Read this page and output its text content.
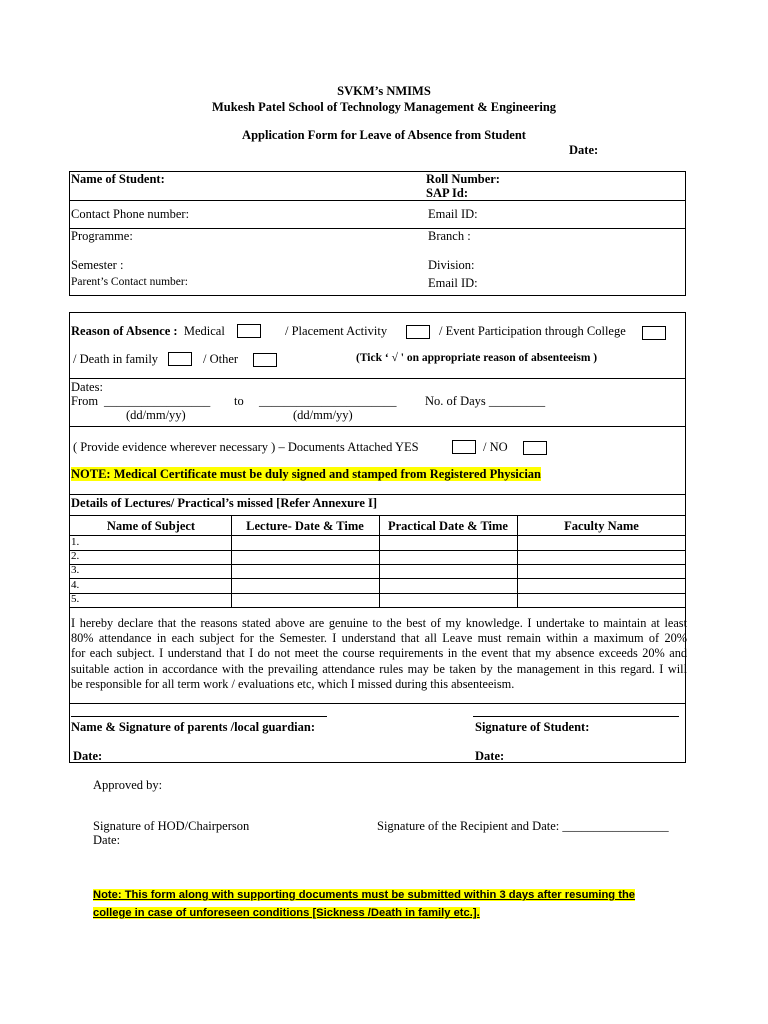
SVKM’s NMIMS
Mukesh Patel School of Technology Management & Engineering
Application Form for Leave of Absence from Student
Date:
Name of Student:	Roll Number:
SAP Id:
Contact Phone number:	Email ID:
Programme:	Branch :
Semester :	Division:
Parent’s Contact number:	Email ID:
Reason of Absence : Medical	/ Placement Activity	/ Event Participation through College
/ Death in family	/ Other	(Tick ‘ √ ' on appropriate reason of absenteeism )
Dates:
From _________________ to ______________________ No. of Days _________
(dd/mm/yy)	(dd/mm/yy)
( Provide evidence wherever necessary ) – Documents Attached YES	/ NO
NOTE: Medical Certificate must be duly signed and stamped from Registered Physician
Details of Lectures/ Practical’s missed [Refer Annexure I]
Name of Subject	Lecture- Date & Time	Practical Date & Time	Faculty Name
1.
2.
3.
4.
5.
I hereby declare that the reasons stated above are genuine to the best of my knowledge. I undertake to maintain at least
80% attendance in each subject for the Semester. I understand that all Leave must remain within a maximum of 20%
for each subject. I understand that I do not meet the course requirements in the event that my absence exceeds 20% and
suitable action in accordance with the prevailing attendance rules may be taken by the management in this regard. I will
be responsible for all term work / evaluations etc, which I missed during this absenteeism.
Name & Signature of parents /local guardian:	Signature of Student:
Date:	Date:
Approved by:
Signature of HOD/Chairperson
Date:
Signature of the Recipient and Date: _________________
Note: This form along with supporting documents must be submitted within 3 days after resuming the
college in case of unforeseen conditions [Sickness /Death in family etc.].
